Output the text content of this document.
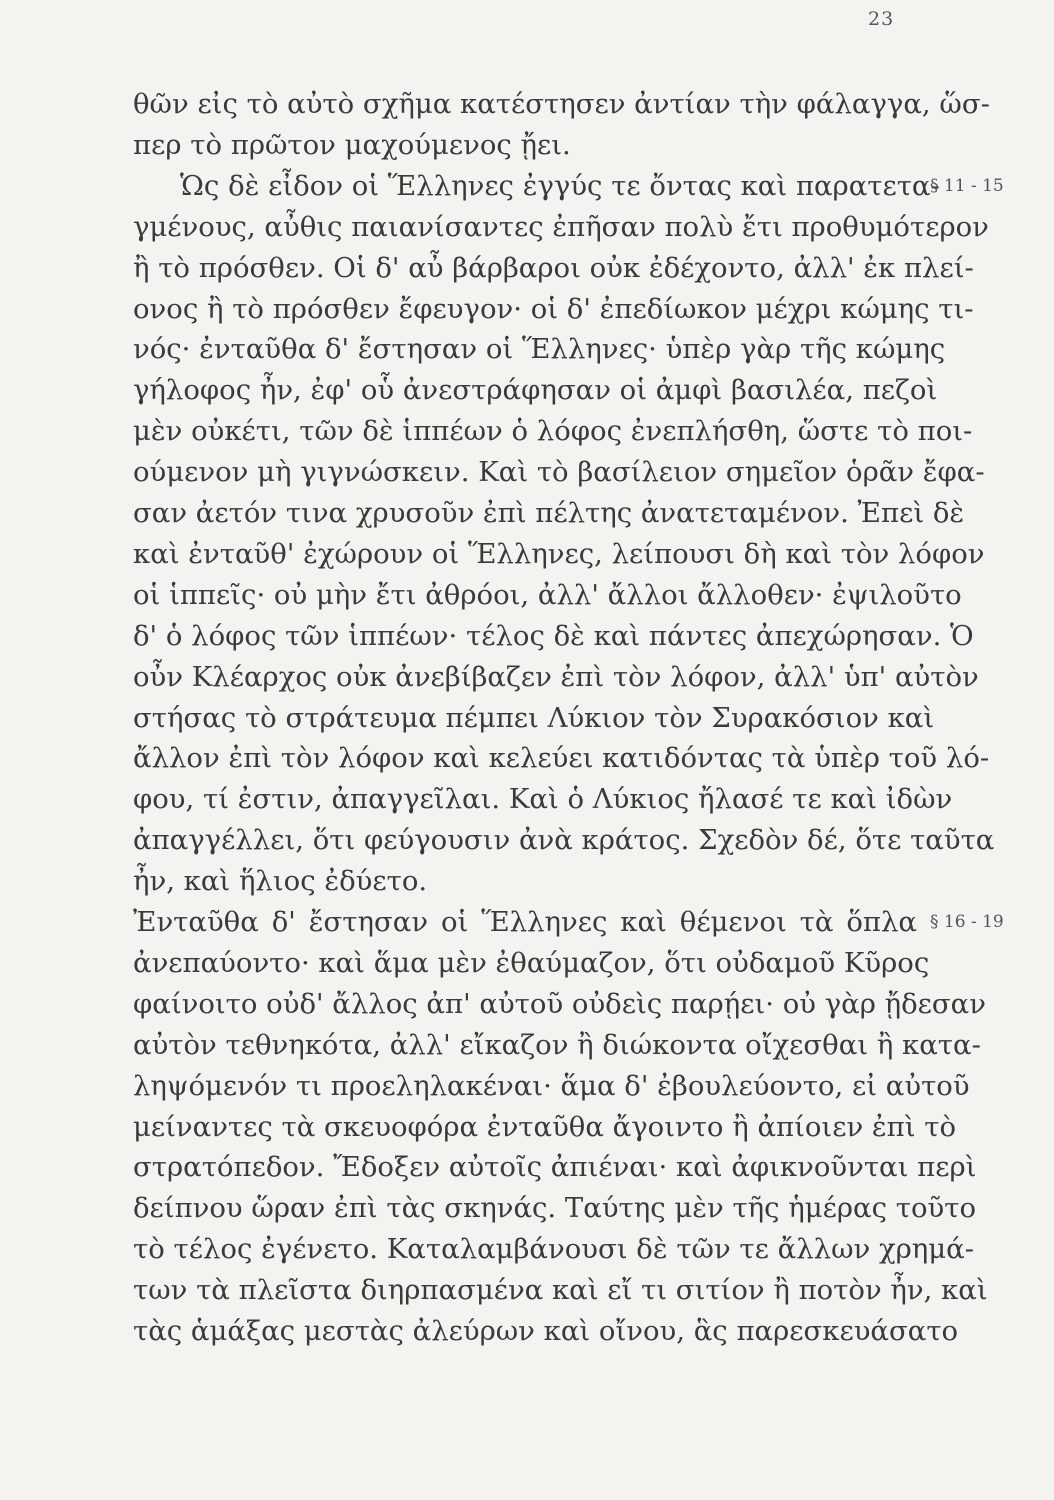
23
θῶν εἰς τὸ αὐτὸ σχῆμα κατέστησεν ἀντίαν τὴν φάλαγγα, ὥσ-
περ τὸ πρῶτον μαχούμενος ᾔει.
Ὡς δὲ εἶδον οἱ Ἕλληνες ἐγγύς τε ὄντας καὶ παρατετα-
γμένους, αὖθις παιανίσαντες ἐπῆσαν πολὺ ἔτι προθυμότερον
ἢ τὸ πρόσθεν. Οἱ δ' αὖ βάρβαροι οὐκ ἐδέχοντο, ἀλλ' ἐκ πλεί-
ονος ἢ τὸ πρόσθεν ἔφευγον· οἱ δ' ἐπεδίωκον μέχρι κώμης τι-
νός· ἐνταῦθα δ' ἔστησαν οἱ Ἕλληνες· ὑπὲρ γὰρ τῆς κώμης
γήλοφος ἦν, ἐφ' οὗ ἀνεστράφησαν οἱ ἀμφὶ βασιλέα, πεζοὶ
μὲν οὐκέτι, τῶν δὲ ἱππέων ὁ λόφος ἐνεπλήσθη, ὥστε τὸ ποι-
ούμενον μὴ γιγνώσκειν. Καὶ τὸ βασίλειον σημεῖον ὁρᾶν ἔφα-
σαν ἀετόν τινα χρυσοῦν ἐπὶ πέλτης ἀνατεταμένον. Ἐπεὶ δὲ
καὶ ἐνταῦθ' ἐχώρουν οἱ Ἕλληνες, λείπουσι δὴ καὶ τὸν λόφον
οἱ ἱππεῖς· οὐ μὴν ἔτι ἀθρόοι, ἀλλ' ἄλλοι ἄλλοθεν· ἐψιλοῦτο
δ' ὁ λόφος τῶν ἱππέων· τέλος δὲ καὶ πάντες ἀπεχώρησαν. Ὁ
οὖν Κλέαρχος οὐκ ἀνεβίβαζεν ἐπὶ τὸν λόφον, ἀλλ' ὑπ' αὐτὸν
στήσας τὸ στράτευμα πέμπει Λύκιον τὸν Συρακόσιον καὶ
ἄλλον ἐπὶ τὸν λόφον καὶ κελεύει κατιδόντας τὰ ὑπὲρ τοῦ λό-
φου, τί ἐστιν, ἀπαγγεῖλαι. Καὶ ὁ Λύκιος ἤλασέ τε καὶ ἰδὼν
ἀπαγγέλλει, ὅτι φεύγουσιν ἀνὰ κράτος. Σχεδὸν δέ, ὅτε ταῦτα
ἦν, καὶ ἥλιος ἐδύετο.
Ἐνταῦθα δ' ἔστησαν οἱ Ἕλληνες καὶ θέμενοι τὰ ὅπλα
ἀνεπαύοντο· καὶ ἅμα μὲν ἐθαύμαζον, ὅτι οὐδαμοῦ Κῦρος
φαίνοιτο οὐδ' ἄλλος ἀπ' αὐτοῦ οὐδεὶς παρῄει· οὐ γὰρ ᾔδεσαν
αὐτὸν τεθνηκότα, ἀλλ' εἴκαζον ἢ διώκοντα οἴχεσθαι ἢ κατα-
ληψόμενόν τι προεληλακέναι· ἅμα δ' ἐβουλεύοντο, εἰ αὐτοῦ
μείναντες τὰ σκευοφόρα ἐνταῦθα ἄγοιντο ἢ ἀπίοιεν ἐπὶ τὸ
στρατόπεδον. Ἔδοξεν αὐτοῖς ἀπιέναι· καὶ ἀφικνοῦνται περὶ
δείπνου ὥραν ἐπὶ τὰς σκηνάς. Ταύτης μὲν τῆς ἡμέρας τοῦτο
τὸ τέλος ἐγένετο. Καταλαμβάνουσι δὲ τῶν τε ἄλλων χρημά-
των τὰ πλεῖστα διηρπασμένα καὶ εἴ τι σιτίον ἢ ποτὸν ἦν, καὶ
τὰς ἁμάξας μεστὰς ἀλεύρων καὶ οἴνου, ἃς παρεσκευάσατο
§ 11 - 15
§ 16 - 19
